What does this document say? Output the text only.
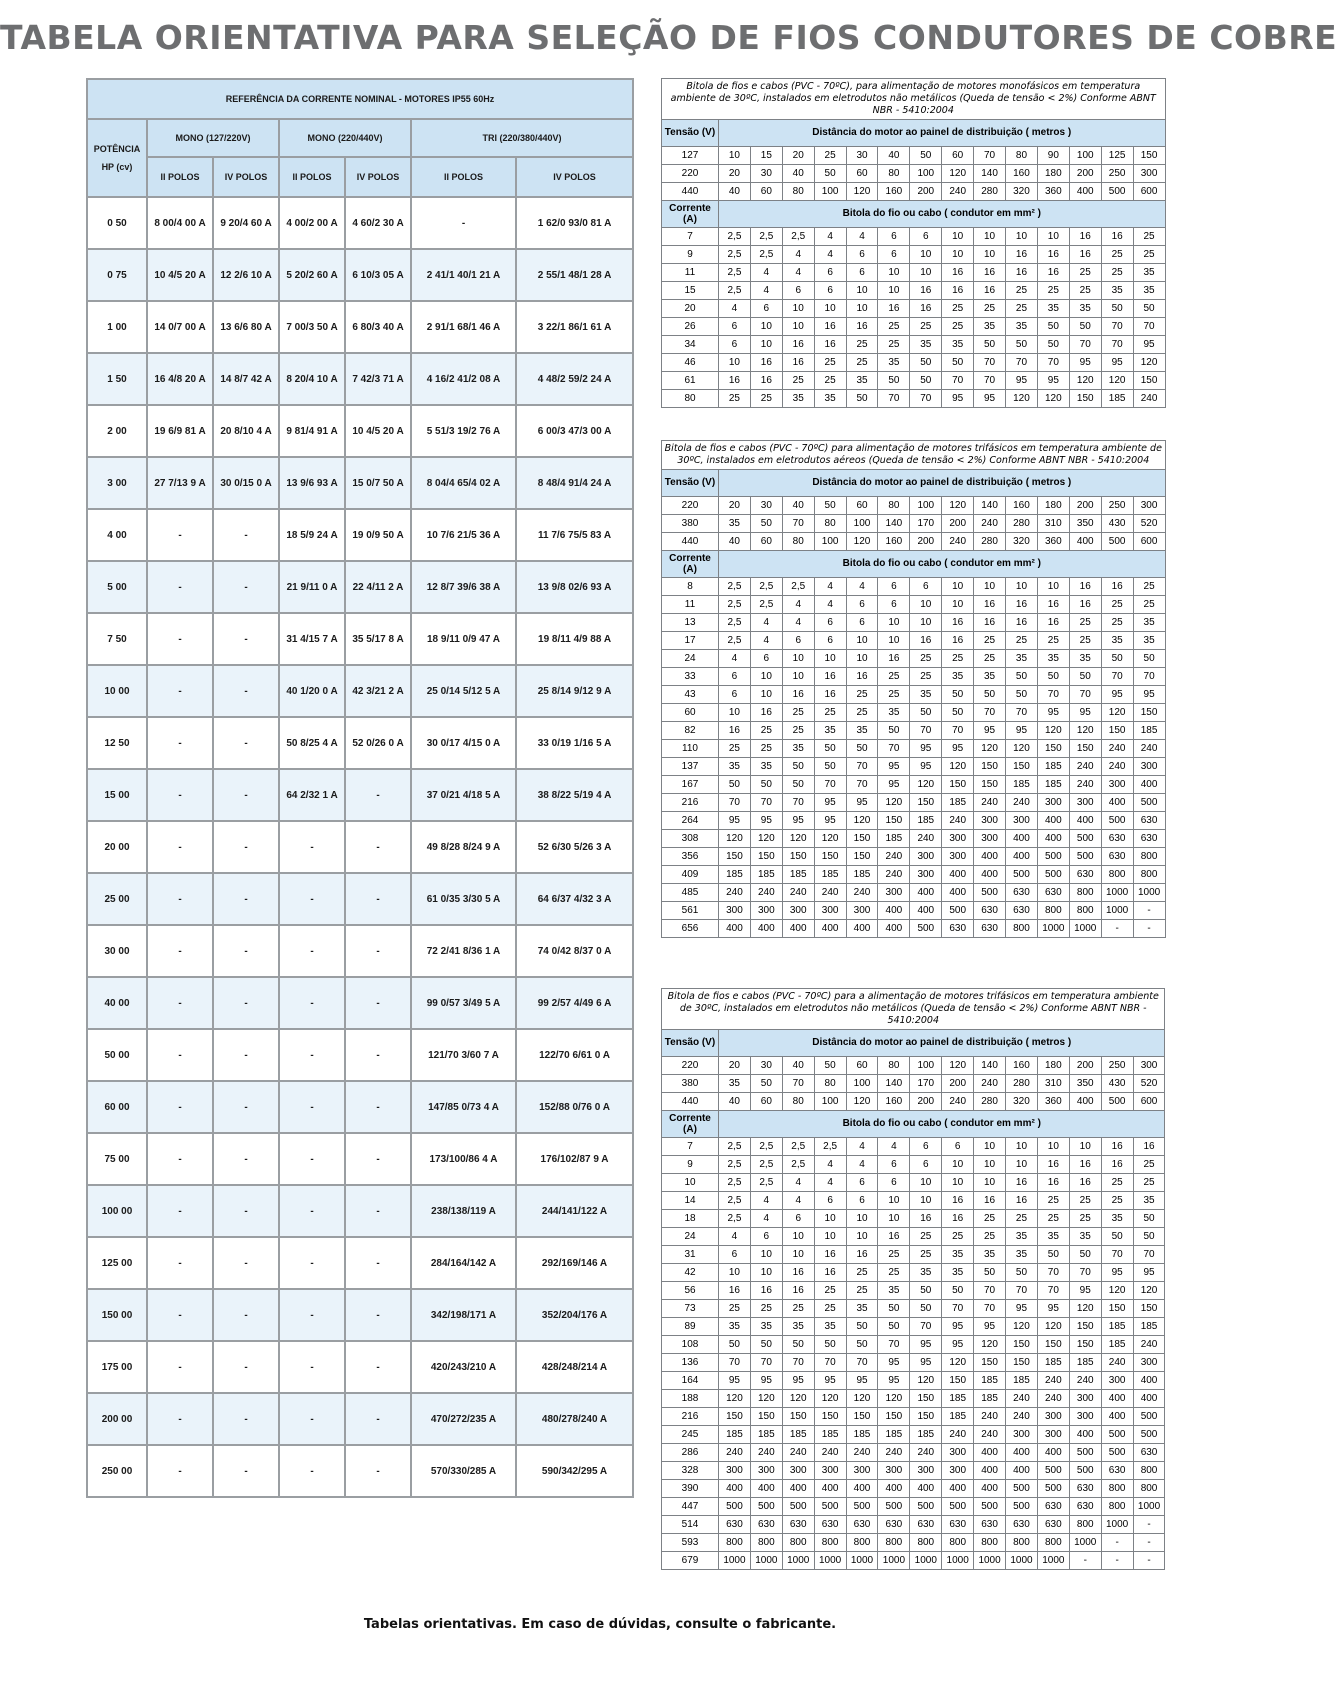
TABELA ORIENTATIVA PARA SELEÇÃO DE FIOS CONDUTORES DE COBRE
REFERÊNCIA DA CORRENTE NOMINAL - MOTORES IP55 60Hz						
POTÊNCIA HP (cv)	MONO (127/220V)		MONO (220/440V)		TRI (220/380/440V)	
	II POLOS	IV POLOS	II POLOS	IV POLOS	II POLOS	IV POLOS
0 50	8 00/4 00 A	9 20/4 60 A	4 00/2 00 A	4 60/2 30 A	-	1 62/0 93/0 81 A
0 75	10 4/5 20 A	12 2/6 10 A	5 20/2 60 A	6 10/3 05 A	2 41/1 40/1 21 A	2 55/1 48/1 28 A
1 00	14 0/7 00 A	13 6/6 80 A	7 00/3 50 A	6 80/3 40 A	2 91/1 68/1 46 A	3 22/1 86/1 61 A
1 50	16 4/8 20 A	14 8/7 42 A	8 20/4 10 A	7 42/3 71 A	4 16/2 41/2 08 A	4 48/2 59/2 24 A
2 00	19 6/9 81 A	20 8/10 4 A	9 81/4 91 A	10 4/5 20 A	5 51/3 19/2 76 A	6 00/3 47/3 00 A
3 00	27 7/13 9 A	30 0/15 0 A	13 9/6 93 A	15 0/7 50 A	8 04/4 65/4 02 A	8 48/4 91/4 24 A
4 00	-	-	18 5/9 24 A	19 0/9 50 A	10 7/6 21/5 36 A	11 7/6 75/5 83 A
5 00	-	-	21 9/11 0 A	22 4/11 2 A	12 8/7 39/6 38 A	13 9/8 02/6 93 A
7 50	-	-	31 4/15 7 A	35 5/17 8 A	18 9/11 0/9 47 A	19 8/11 4/9 88 A
10 00	-	-	40 1/20 0 A	42 3/21 2 A	25 0/14 5/12 5 A	25 8/14 9/12 9 A
12 50	-	-	50 8/25 4 A	52 0/26 0 A	30 0/17 4/15 0 A	33 0/19 1/16 5 A
15 00	-	-	64 2/32 1 A	-	37 0/21 4/18 5 A	38 8/22 5/19 4 A
20 00	-	-	-	-	49 8/28 8/24 9 A	52 6/30 5/26 3 A
25 00	-	-	-	-	61 0/35 3/30 5 A	64 6/37 4/32 3 A
30 00	-	-	-	-	72 2/41 8/36 1 A	74 0/42 8/37 0 A
40 00	-	-	-	-	99 0/57 3/49 5 A	99 2/57 4/49 6 A
50 00	-	-	-	-	121/70 3/60 7 A	122/70 6/61 0 A
60 00	-	-	-	-	147/85 0/73 4 A	152/88 0/76 0 A
75 00	-	-	-	-	173/100/86 4 A	176/102/87 9 A
100 00	-	-	-	-	238/138/119 A	244/141/122 A
125 00	-	-	-	-	284/164/142 A	292/169/146 A
150 00	-	-	-	-	342/198/171 A	352/204/176 A
175 00	-	-	-	-	420/243/210 A	428/248/214 A
200 00	-	-	-	-	470/272/235 A	480/278/240 A
250 00	-	-	-	-	570/330/285 A	590/342/295 A
Bitola de fios e cabos (PVC - 70ºC), para alimentação de motores monofásicos em temperatura ambiente de 30ºC, instalados em eletrodutos não metálicos (Queda de tensão < 2%) Conforme ABNT NBR - 5410:2004														
Tensão (V)	Distância do motor ao painel de distribuição ( metros )													
127	10	15	20	25	30	40	50	60	70	80	90	100	125	150
220	20	30	40	50	60	80	100	120	140	160	180	200	250	300
440	40	60	80	100	120	160	200	240	280	320	360	400	500	600
Corrente (A)	Bitola do fio ou cabo ( condutor em mm² )													
7	2,5	2,5	2,5	4	4	6	6	10	10	10	10	16	16	25
9	2,5	2,5	4	4	6	6	10	10	10	16	16	16	25	25
11	2,5	4	4	6	6	10	10	16	16	16	16	25	25	35
15	2,5	4	6	6	10	10	16	16	16	25	25	25	35	35
20	4	6	10	10	10	16	16	25	25	25	35	35	50	50
26	6	10	10	16	16	25	25	25	35	35	50	50	70	70
34	6	10	16	16	25	25	35	35	50	50	50	70	70	95
46	10	16	16	25	25	35	50	50	70	70	70	95	95	120
61	16	16	25	25	35	50	50	70	70	95	95	120	120	150
80	25	25	35	35	50	70	70	95	95	120	120	150	185	240
Bitola de fios e cabos (PVC - 70ºC) para alimentação de motores trifásicos em temperatura ambiente de 30ºC, instalados em eletrodutos aéreos (Queda de tensão < 2%) Conforme ABNT NBR - 5410:2004														
Tensão (V)	Distância do motor ao painel de distribuição ( metros )													
220	20	30	40	50	60	80	100	120	140	160	180	200	250	300
380	35	50	70	80	100	140	170	200	240	280	310	350	430	520
440	40	60	80	100	120	160	200	240	280	320	360	400	500	600
Corrente (A)	Bitola do fio ou cabo ( condutor em mm² )													
8	2,5	2,5	2,5	4	4	6	6	10	10	10	10	16	16	25
11	2,5	2,5	4	4	6	6	10	10	16	16	16	16	25	25
13	2,5	4	4	6	6	10	10	16	16	16	16	25	25	35
17	2,5	4	6	6	10	10	16	16	25	25	25	25	35	35
24	4	6	10	10	10	16	25	25	25	35	35	35	50	50
33	6	10	10	16	16	25	25	35	35	50	50	50	70	70
43	6	10	16	16	25	25	35	50	50	50	70	70	95	95
60	10	16	25	25	25	35	50	50	70	70	95	95	120	150
82	16	25	25	35	35	50	70	70	95	95	120	120	150	185
110	25	25	35	50	50	70	95	95	120	120	150	150	240	240
137	35	35	50	50	70	95	95	120	150	150	185	240	240	300
167	50	50	50	70	70	95	120	150	150	185	185	240	300	400
216	70	70	70	95	95	120	150	185	240	240	300	300	400	500
264	95	95	95	95	120	150	185	240	300	300	400	400	500	630
308	120	120	120	120	150	185	240	300	300	400	400	500	630	630
356	150	150	150	150	150	240	300	300	400	400	500	500	630	800
409	185	185	185	185	185	240	300	400	400	500	500	630	800	800
485	240	240	240	240	240	300	400	400	500	630	630	800	1000	1000
561	300	300	300	300	300	400	400	500	630	630	800	800	1000	-
656	400	400	400	400	400	400	500	630	630	800	1000	1000	-	-
Bitola de fios e cabos (PVC - 70ºC) para a alimentação de motores trifásicos em temperatura ambiente de 30ºC, instalados em eletrodutos não metálicos (Queda de tensão < 2%) Conforme ABNT NBR - 5410:2004														
Tensão (V)	Distância do motor ao painel de distribuição ( metros )													
220	20	30	40	50	60	80	100	120	140	160	180	200	250	300
380	35	50	70	80	100	140	170	200	240	280	310	350	430	520
440	40	60	80	100	120	160	200	240	280	320	360	400	500	600
Corrente (A)	Bitola do fio ou cabo ( condutor em mm² )													
7	2,5	2,5	2,5	2,5	4	4	6	6	10	10	10	10	16	16
9	2,5	2,5	2,5	4	4	6	6	10	10	10	16	16	16	25
10	2,5	2,5	4	4	6	6	10	10	10	16	16	16	25	25
14	2,5	4	4	6	6	10	10	16	16	16	25	25	25	35
18	2,5	4	6	10	10	10	16	16	25	25	25	25	35	50
24	4	6	10	10	10	16	25	25	25	35	35	35	50	50
31	6	10	10	16	16	25	25	35	35	35	50	50	70	70
42	10	10	16	16	25	25	35	35	50	50	70	70	95	95
56	16	16	16	25	25	35	50	50	70	70	70	95	120	120
73	25	25	25	25	35	50	50	70	70	95	95	120	150	150
89	35	35	35	35	50	50	70	95	95	120	120	150	185	185
108	50	50	50	50	50	70	95	95	120	150	150	150	185	240
136	70	70	70	70	70	95	95	120	150	150	185	185	240	300
164	95	95	95	95	95	95	120	150	185	185	240	240	300	400
188	120	120	120	120	120	120	150	185	185	240	240	300	400	400
216	150	150	150	150	150	150	150	185	240	240	300	300	400	500
245	185	185	185	185	185	185	185	240	240	300	300	400	500	500
286	240	240	240	240	240	240	240	300	400	400	400	500	500	630
328	300	300	300	300	300	300	300	300	400	400	500	500	630	800
390	400	400	400	400	400	400	400	400	400	500	500	630	800	800
447	500	500	500	500	500	500	500	500	500	500	630	630	800	1000
514	630	630	630	630	630	630	630	630	630	630	630	800	1000	-
593	800	800	800	800	800	800	800	800	800	800	800	1000	-	-
679	1000	1000	1000	1000	1000	1000	1000	1000	1000	1000	1000	-	-	-
Tabelas orientativas. Em caso de dúvidas, consulte o fabricante.
